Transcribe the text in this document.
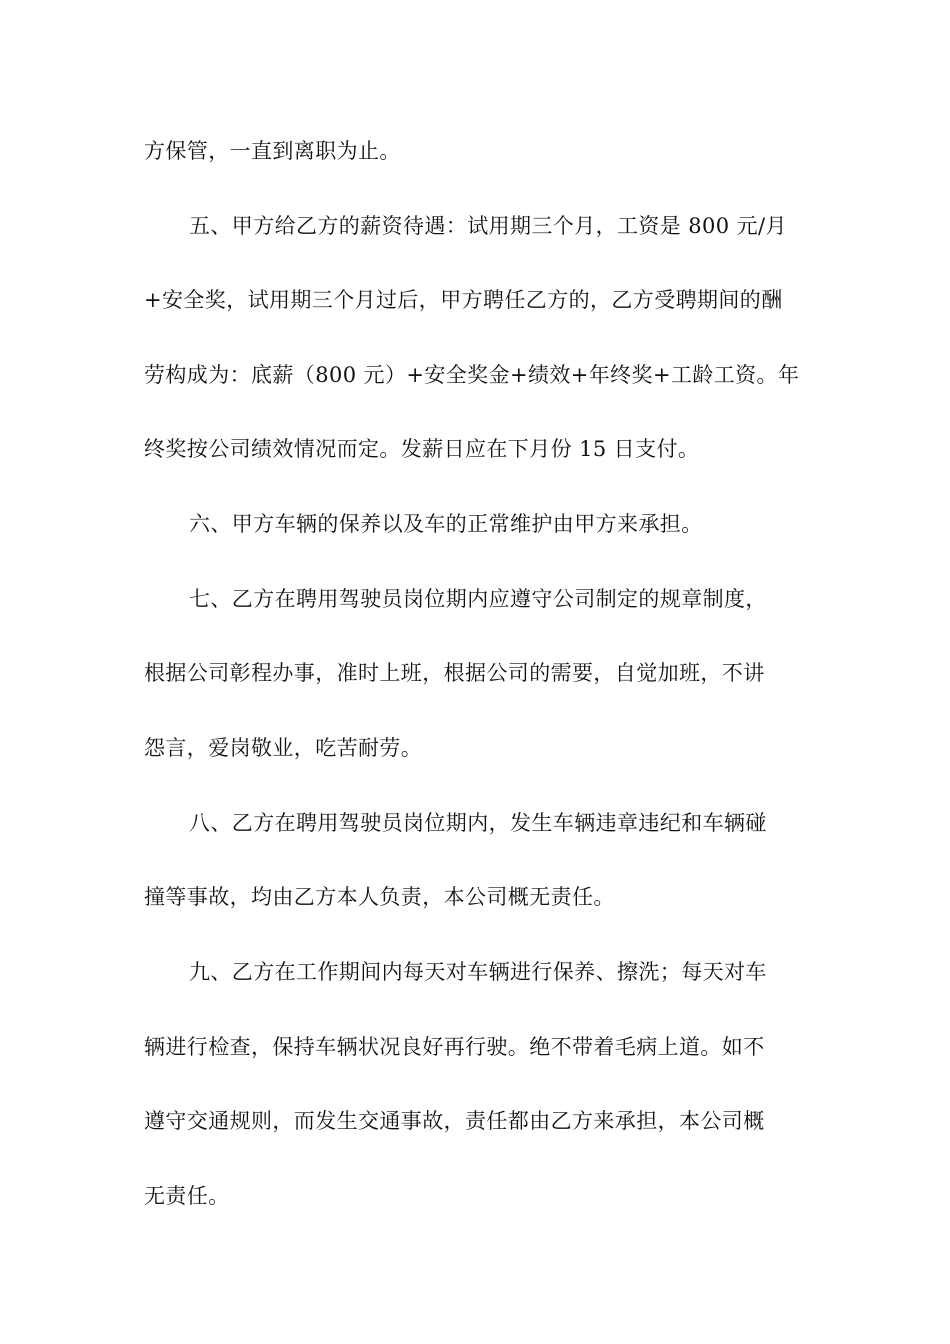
方保管，一直到离职为止。
五、甲方给乙方的薪资待遇：试用期三个月，工资是 800 元/月
+安全奖，试用期三个月过后，甲方聘任乙方的，乙方受聘期间的酬
劳构成为：底薪（800 元）+安全奖金+绩效+年终奖+工龄工资。年
终奖按公司绩效情况而定。发薪日应在下月份 15 日支付。
六、甲方车辆的保养以及车的正常维护由甲方来承担。
七、乙方在聘用驾驶员岗位期内应遵守公司制定的规章制度，
根据公司彰程办事，准时上班，根据公司的需要，自觉加班，不讲
怨言，爱岗敬业，吃苦耐劳。
八、乙方在聘用驾驶员岗位期内，发生车辆违章违纪和车辆碰
撞等事故，均由乙方本人负责，本公司概无责任。
九、乙方在工作期间内每天对车辆进行保养、擦洗；每天对车
辆进行检查，保持车辆状况良好再行驶。绝不带着毛病上道。如不
遵守交通规则，而发生交通事故，责任都由乙方来承担，本公司概
无责任。
